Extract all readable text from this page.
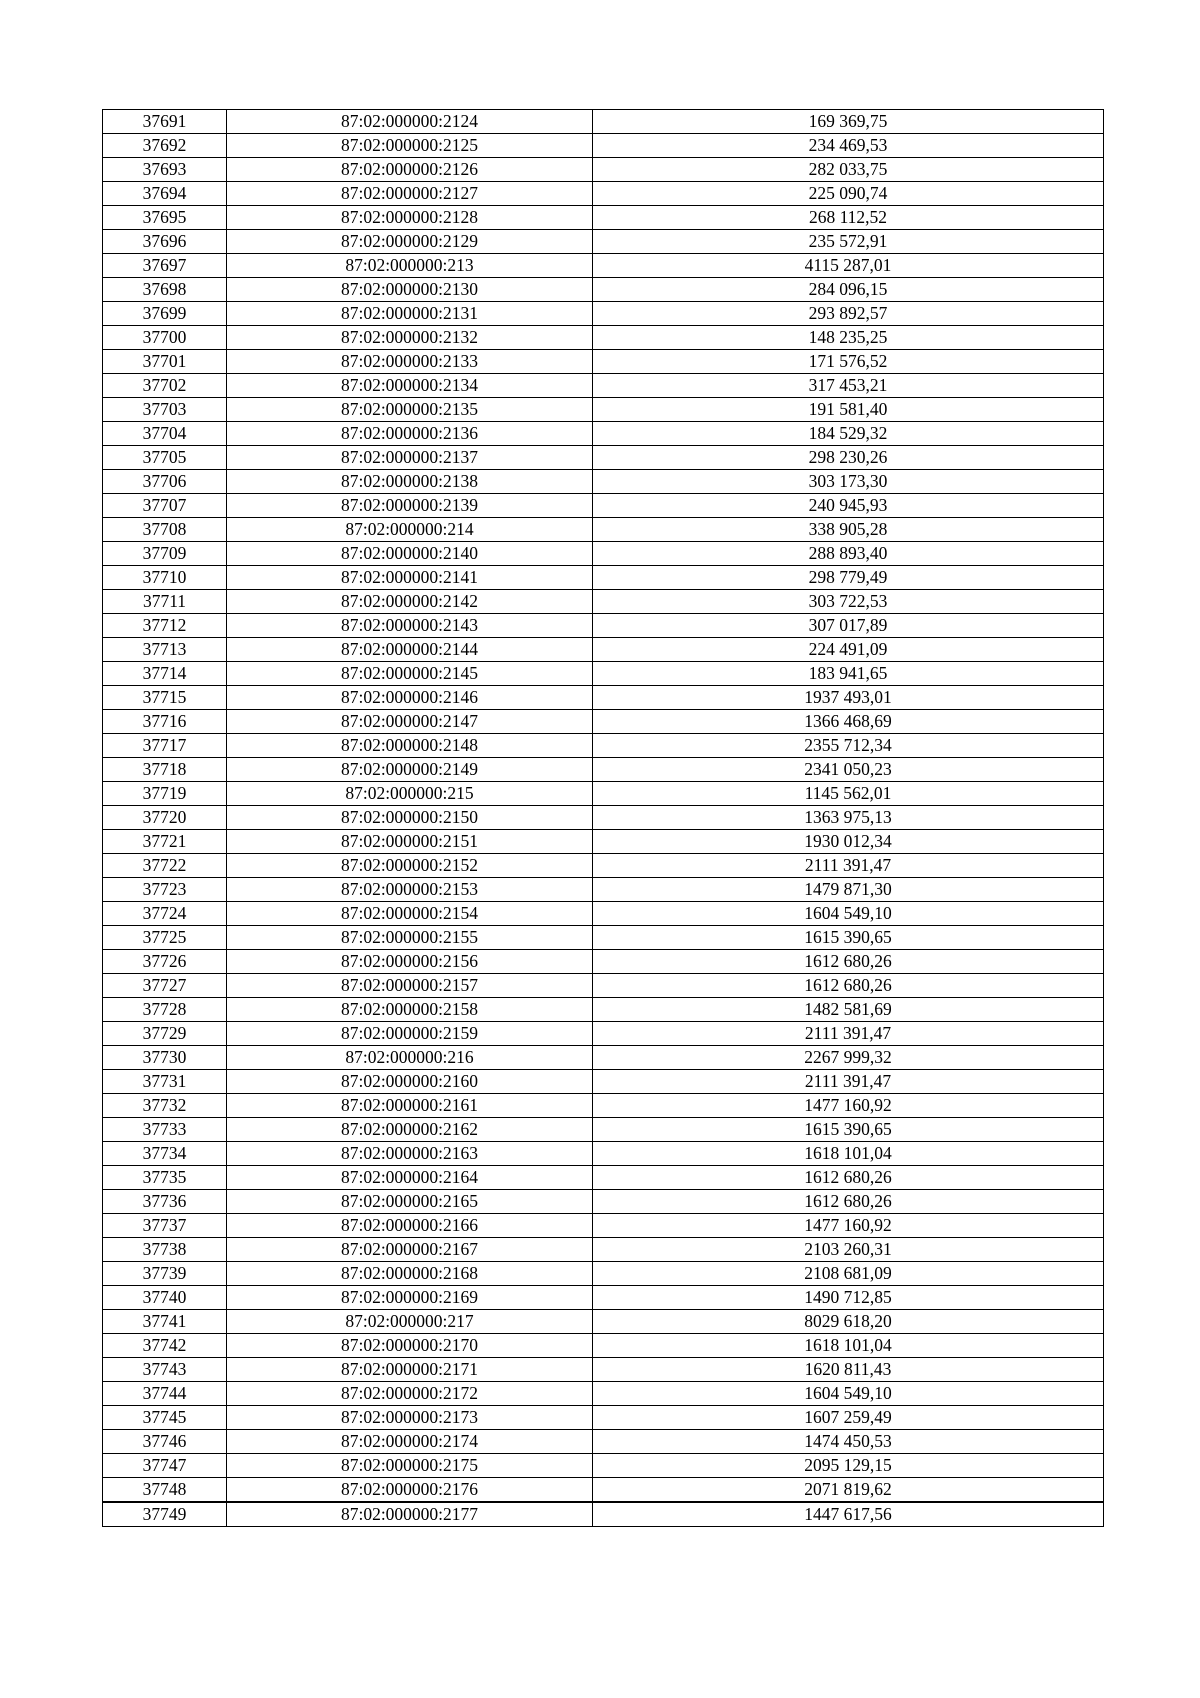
37691	87:02:000000:2124	169 369,75
37692	87:02:000000:2125	234 469,53
37693	87:02:000000:2126	282 033,75
37694	87:02:000000:2127	225 090,74
37695	87:02:000000:2128	268 112,52
37696	87:02:000000:2129	235 572,91
37697	87:02:000000:213	4115 287,01
37698	87:02:000000:2130	284 096,15
37699	87:02:000000:2131	293 892,57
37700	87:02:000000:2132	148 235,25
37701	87:02:000000:2133	171 576,52
37702	87:02:000000:2134	317 453,21
37703	87:02:000000:2135	191 581,40
37704	87:02:000000:2136	184 529,32
37705	87:02:000000:2137	298 230,26
37706	87:02:000000:2138	303 173,30
37707	87:02:000000:2139	240 945,93
37708	87:02:000000:214	338 905,28
37709	87:02:000000:2140	288 893,40
37710	87:02:000000:2141	298 779,49
37711	87:02:000000:2142	303 722,53
37712	87:02:000000:2143	307 017,89
37713	87:02:000000:2144	224 491,09
37714	87:02:000000:2145	183 941,65
37715	87:02:000000:2146	1937 493,01
37716	87:02:000000:2147	1366 468,69
37717	87:02:000000:2148	2355 712,34
37718	87:02:000000:2149	2341 050,23
37719	87:02:000000:215	1145 562,01
37720	87:02:000000:2150	1363 975,13
37721	87:02:000000:2151	1930 012,34
37722	87:02:000000:2152	2111 391,47
37723	87:02:000000:2153	1479 871,30
37724	87:02:000000:2154	1604 549,10
37725	87:02:000000:2155	1615 390,65
37726	87:02:000000:2156	1612 680,26
37727	87:02:000000:2157	1612 680,26
37728	87:02:000000:2158	1482 581,69
37729	87:02:000000:2159	2111 391,47
37730	87:02:000000:216	2267 999,32
37731	87:02:000000:2160	2111 391,47
37732	87:02:000000:2161	1477 160,92
37733	87:02:000000:2162	1615 390,65
37734	87:02:000000:2163	1618 101,04
37735	87:02:000000:2164	1612 680,26
37736	87:02:000000:2165	1612 680,26
37737	87:02:000000:2166	1477 160,92
37738	87:02:000000:2167	2103 260,31
37739	87:02:000000:2168	2108 681,09
37740	87:02:000000:2169	1490 712,85
37741	87:02:000000:217	8029 618,20
37742	87:02:000000:2170	1618 101,04
37743	87:02:000000:2171	1620 811,43
37744	87:02:000000:2172	1604 549,10
37745	87:02:000000:2173	1607 259,49
37746	87:02:000000:2174	1474 450,53
37747	87:02:000000:2175	2095 129,15
37748	87:02:000000:2176	2071 819,62
37749	87:02:000000:2177	1447 617,56
